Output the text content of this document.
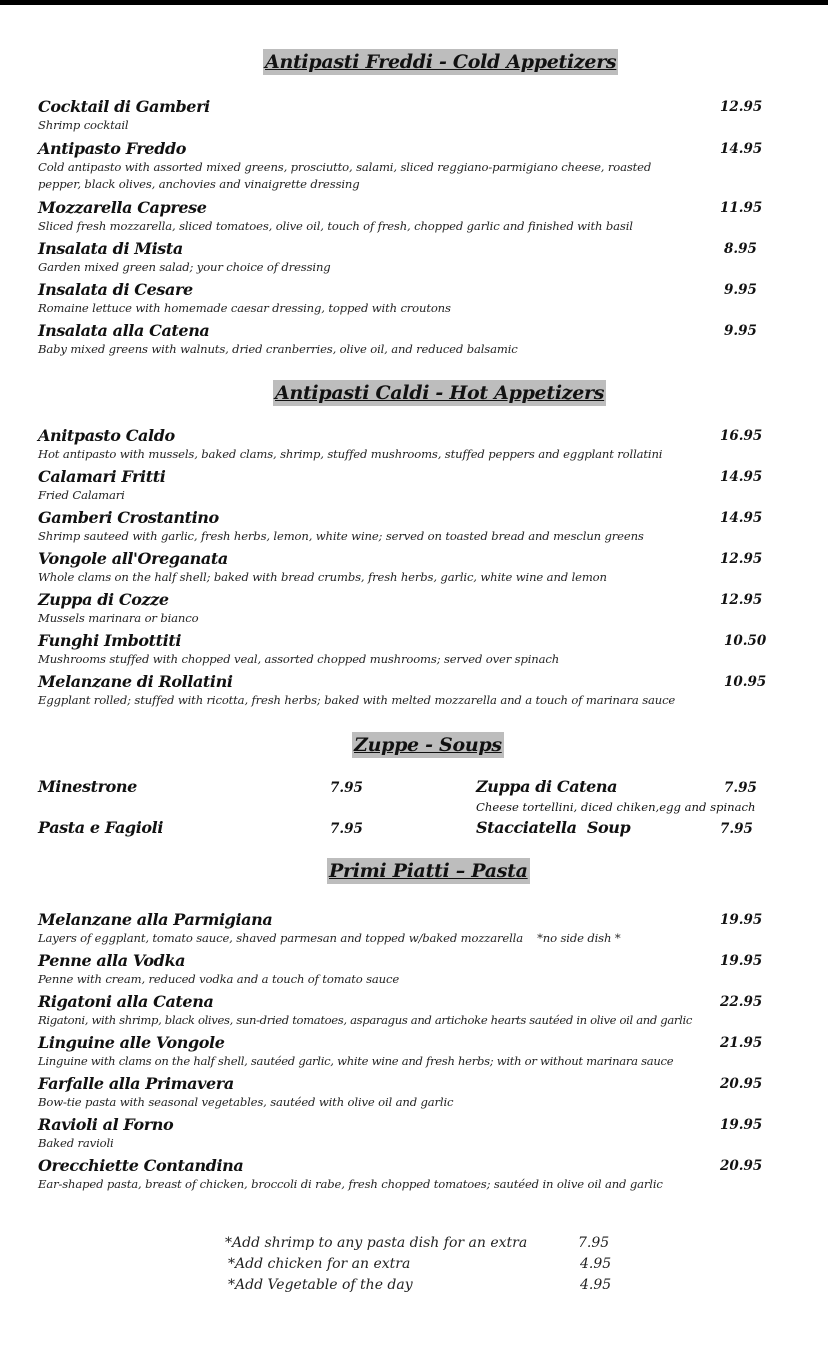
Antipasti Freddi - Cold Appetizers
Cocktail di Gamberi	12.95
Shrimp cocktail
Antipasto Freddo	14.95
Cold antipasto with assorted mixed greens, prosciutto, salami, sliced reggiano-parmigiano cheese, roasted pepper, black olives, anchovies and vinaigrette dressing
Mozzarella Caprese	11.95
Sliced fresh mozzarella, sliced tomatoes, olive oil, touch of fresh, chopped garlic and finished with basil
Insalata di Mista	8.95
Garden mixed green salad; your choice of dressing
Insalata di Cesare	9.95
Romaine lettuce with homemade caesar dressing, topped with croutons
Insalata alla Catena	9.95
Baby mixed greens with walnuts, dried cranberries, olive oil, and reduced balsamic
Antipasti Caldi - Hot Appetizers
Anitpasto Caldo	16.95
Hot antipasto with mussels, baked clams, shrimp, stuffed mushrooms, stuffed peppers and eggplant rollatini
Calamari Fritti	14.95
Fried Calamari
Gamberi Crostantino	14.95
Shrimp sauteed with garlic, fresh herbs, lemon, white wine; served on toasted bread and mesclun greens
Vongole all'Oreganata	12.95
Whole clams on the half shell; baked with bread crumbs, fresh herbs, garlic, white wine and lemon
Zuppa di Cozze	12.95
Mussels marinara or bianco
Funghi Imbottiti	10.50
Mushrooms stuffed with chopped veal, assorted chopped mushrooms; served over spinach
Melanzane di Rollatini	10.95
Eggplant rolled; stuffed with ricotta, fresh herbs; baked with melted mozzarella and a touch of marinara sauce
Zuppe - Soups
Minestrone	7.95	Zuppa di Catena	7.95
Cheese tortellini, diced chiken,egg and spinach
Pasta e Fagioli	7.95	Stacciatella  Soup	7.95
Primi Piatti – Pasta
Melanzane alla Parmigiana	19.95
Layers of eggplant, tomato sauce, shaved parmesan and topped w/baked mozzarella    *no side dish *
Penne alla Vodka	19.95
Penne with cream, reduced vodka and a touch of tomato sauce
Rigatoni alla Catena	22.95
Rigatoni, with shrimp, black olives, sun-dried tomatoes, asparagus and artichoke hearts sautéed in olive oil and garlic
Linguine alle Vongole	21.95
Linguine with clams on the half shell, sautéed garlic, white wine and fresh herbs; with or without marinara sauce
Farfalle alla Primavera	20.95
Bow-tie pasta with seasonal vegetables, sautéed with olive oil and garlic
Ravioli al Forno	19.95
Baked ravioli
Orecchiette Contandina	20.95
Ear-shaped pasta, breast of chicken, broccoli di rabe, fresh chopped tomatoes; sautéed in olive oil and garlic
*Add shrimp to any pasta dish for an extra	7.95
*Add chicken for an extra	4.95
*Add Vegetable of the day	4.95
